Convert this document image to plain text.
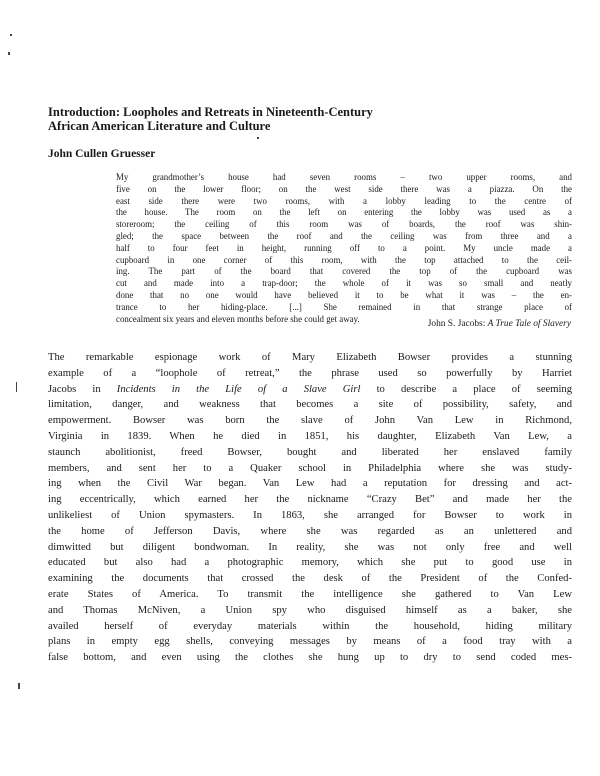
Introduction: Loopholes and Retreats in Nineteenth-Century
African American Literature and Culture

John Cullen Gruesser

My grandmother’s house had seven rooms – two upper rooms, and
five on the lower floor; on the west side there was a piazza. On the
east side there were two rooms, with a lobby leading to the centre of
the house. The room on the left on entering the lobby was used as a
storeroom; the ceiling of this room was of boards, the roof was shin-
gled; the space between the roof and the ceiling was from three and a
half to four feet in height, running off to a point. My uncle made a
cupboard in one corner of this room, with the top attached to the ceil-
ing. The part of the board that covered the top of the cupboard was
cut and made into a trap-door; the whole of it was so small and neatly
done that no one would have believed it to be what it was – the en-
trance to her hiding-place. [...] She remained in that strange place of
concealment six years and eleven months before she could get away.
John S. Jacobs: A True Tale of Slavery
The remarkable espionage work of Mary Elizabeth Bowser provides a stunning
example of a “loophole of retreat,” the phrase used so powerfully by Harriet
Jacobs in Incidents in the Life of a Slave Girl to describe a place of seeming
limitation, danger, and weakness that becomes a site of possibility, safety, and
empowerment. Bowser was born the slave of John Van Lew in Richmond,
Virginia in 1839. When he died in 1851, his daughter, Elizabeth Van Lew, a
staunch abolitionist, freed Bowser, bought and liberated her enslaved family
members, and sent her to a Quaker school in Philadelphia where she was study-
ing when the Civil War began. Van Lew had a reputation for dressing and act-
ing eccentrically, which earned her the nickname “Crazy Bet” and made her the
unlikeliest of Union spymasters. In 1863, she arranged for Bowser to work in
the home of Jefferson Davis, where she was regarded as an unlettered and
dimwitted but diligent bondwoman. In reality, she was not only free and well
educated but also had a photographic memory, which she put to good use in
examining the documents that crossed the desk of the President of the Confed-
erate States of America. To transmit the intelligence she gathered to Van Lew
and Thomas McNiven, a Union spy who disguised himself as a baker, she
availed herself of everyday materials within the household, hiding military
plans in empty egg shells, conveying messages by means of a food tray with a
false bottom, and even using the clothes she hung up to dry to send coded mes-
